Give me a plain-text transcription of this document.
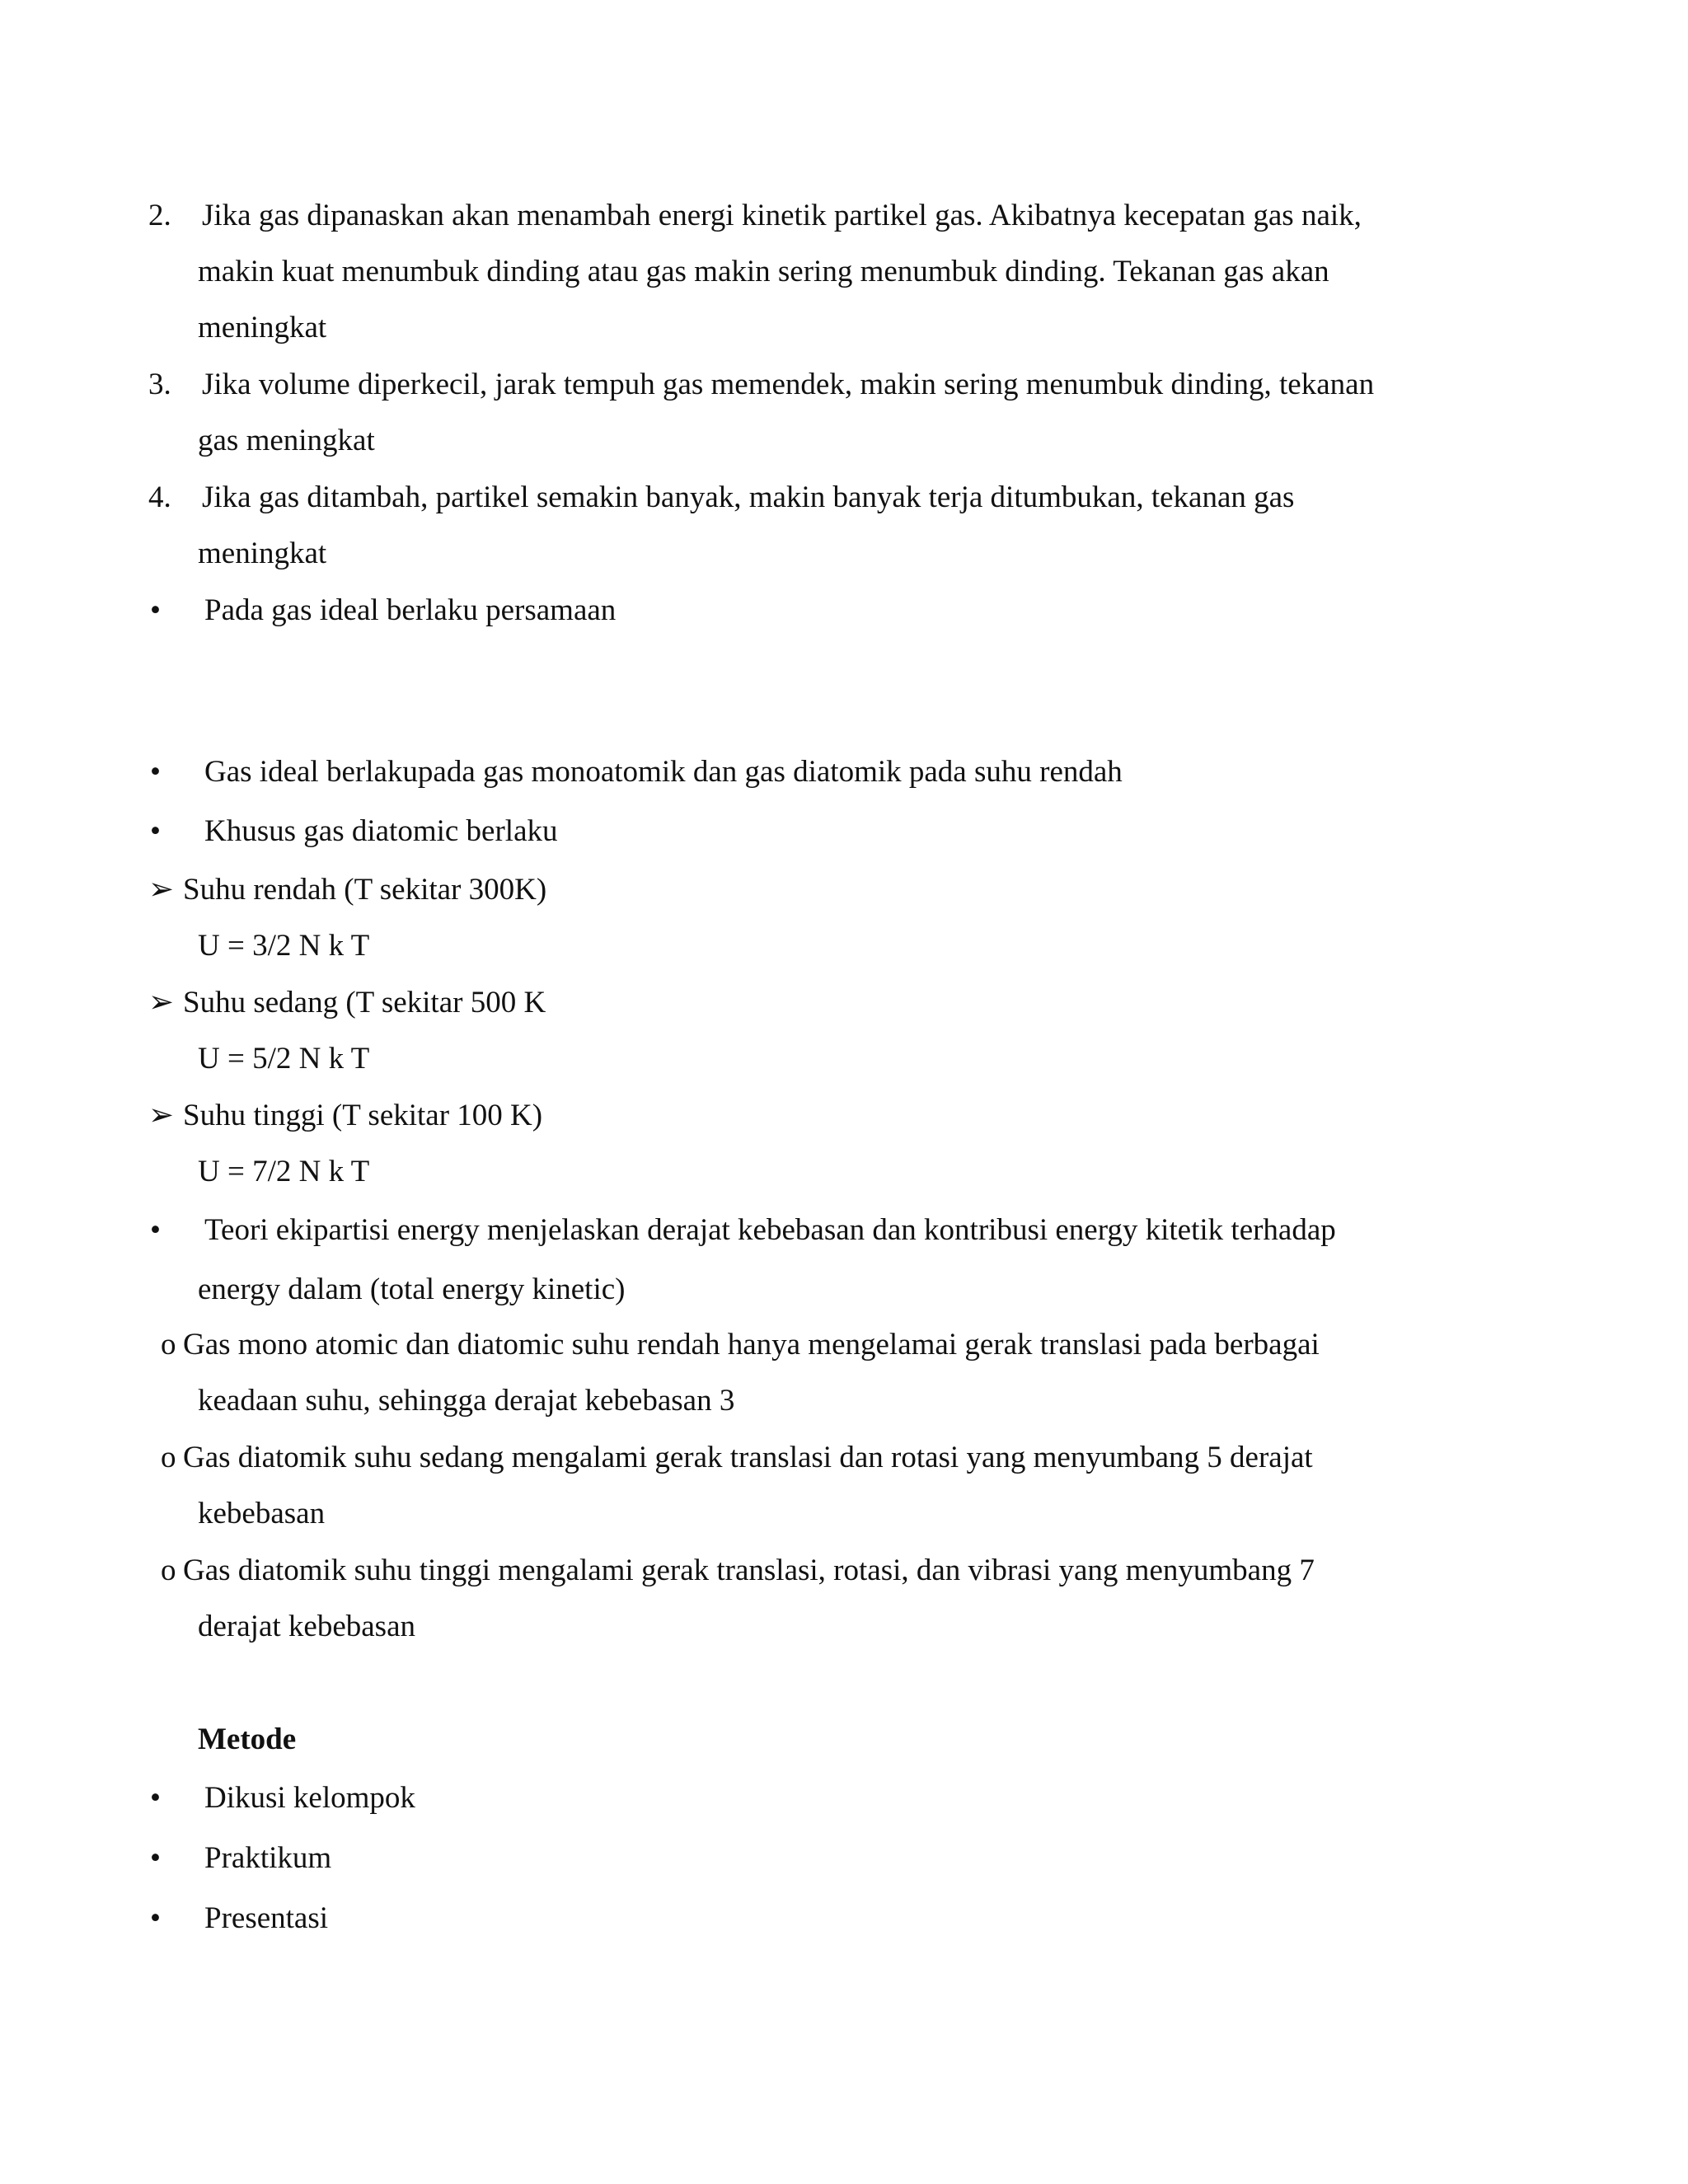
2. Jika gas dipanaskan akan menambah energi kinetik partikel gas. Akibatnya kecepatan gas naik,
makin kuat menumbuk dinding atau gas makin sering menumbuk dinding. Tekanan gas akan
meningkat
3. Jika volume diperkecil, jarak tempuh gas memendek, makin sering menumbuk dinding, tekanan
gas meningkat
4. Jika gas ditambah, partikel semakin banyak, makin banyak terja ditumbukan, tekanan gas
meningkat
• Pada gas ideal berlaku persamaan
• Gas ideal berlakupada gas monoatomik dan gas diatomik pada suhu rendah
• Khusus gas diatomic berlaku
➢ Suhu rendah (T sekitar 300K)
U = 3/2 N k T
➢ Suhu sedang (T sekitar 500 K
U = 5/2 N k T
➢ Suhu tinggi (T sekitar 100 K)
U = 7/2 N k T
• Teori ekipartisi energy menjelaskan derajat kebebasan dan kontribusi energy kitetik terhadap
energy dalam (total energy kinetic)
o Gas mono atomic dan diatomic suhu rendah hanya mengelamai gerak translasi pada berbagai
keadaan suhu, sehingga derajat kebebasan 3
o Gas diatomik suhu sedang mengalami gerak translasi dan rotasi yang menyumbang 5 derajat
kebebasan
o Gas diatomik suhu tinggi mengalami gerak translasi, rotasi, dan vibrasi yang menyumbang 7
derajat kebebasan
Metode
• Dikusi kelompok
• Praktikum
• Presentasi
